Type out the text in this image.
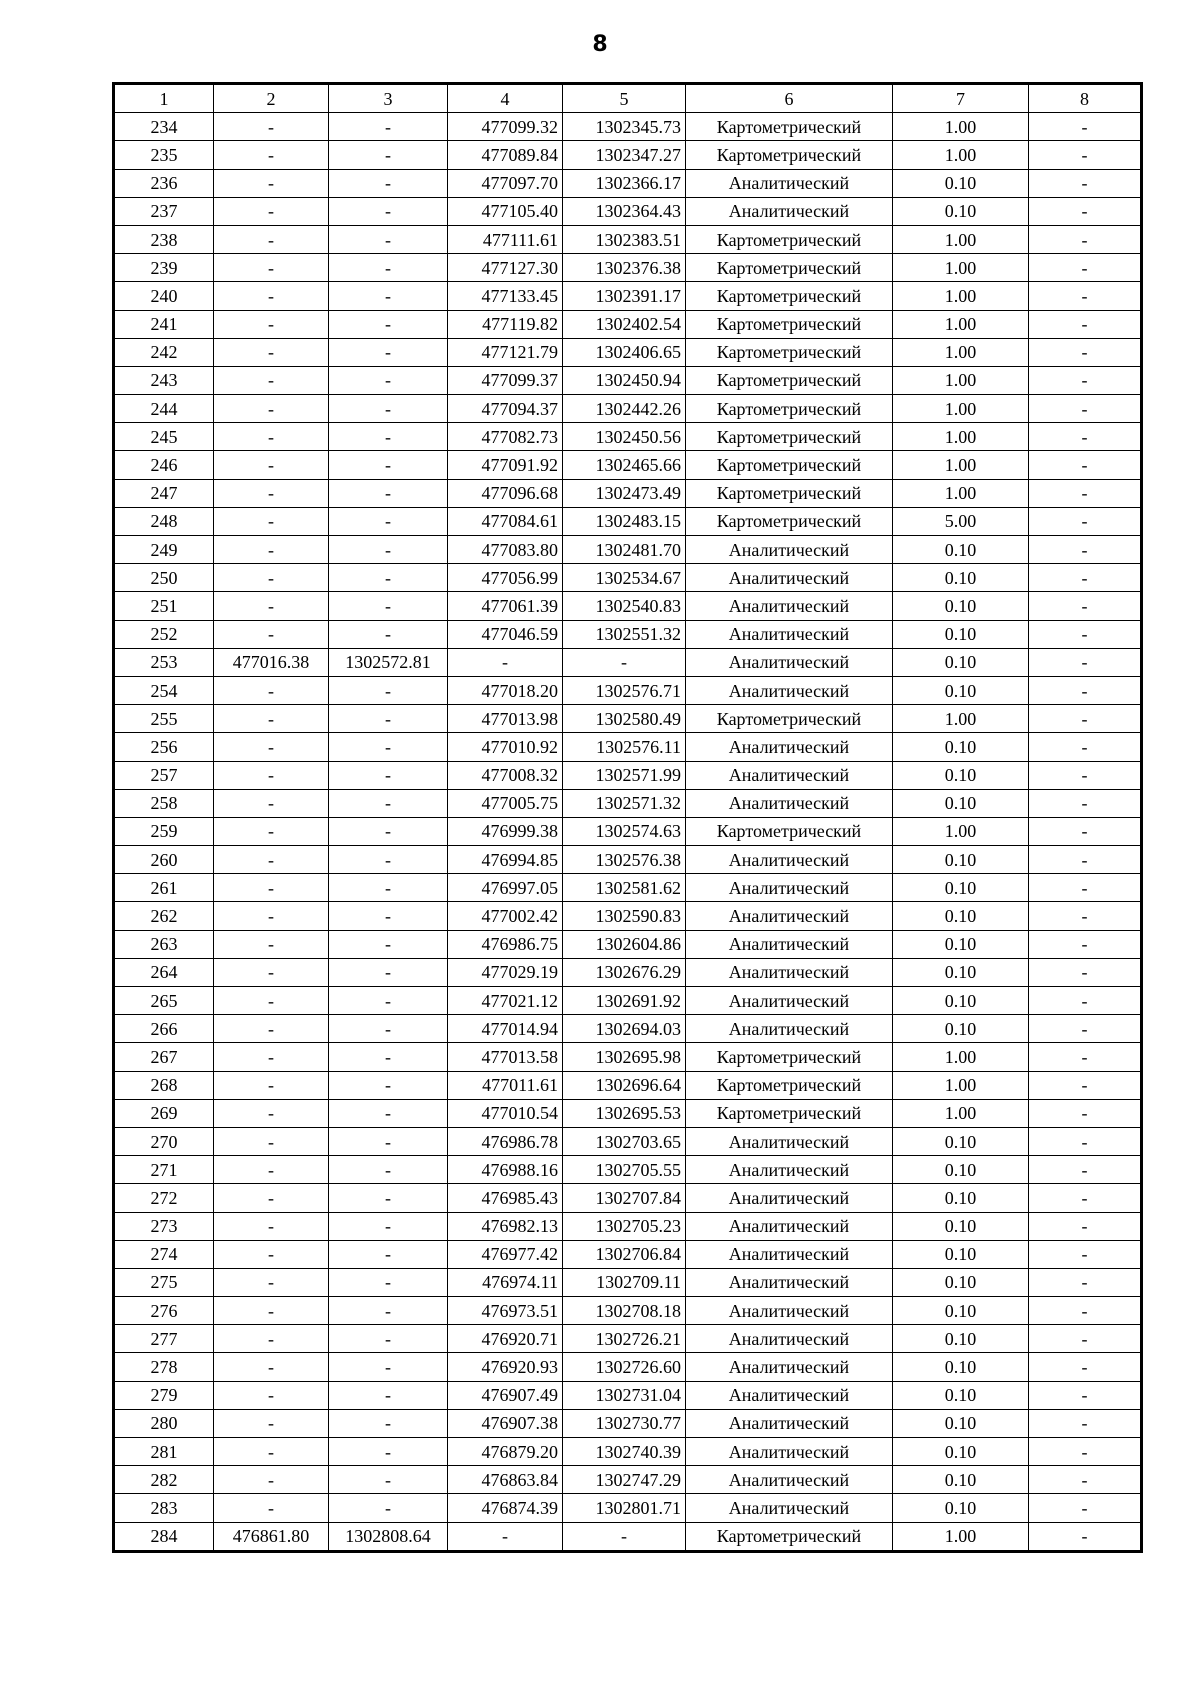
8
1	2	3	4	5	6	7	8
234	-	-	477099.32	1302345.73	Картометрический	1.00	-
235	-	-	477089.84	1302347.27	Картометрический	1.00	-
236	-	-	477097.70	1302366.17	Аналитический	0.10	-
237	-	-	477105.40	1302364.43	Аналитический	0.10	-
238	-	-	477111.61	1302383.51	Картометрический	1.00	-
239	-	-	477127.30	1302376.38	Картометрический	1.00	-
240	-	-	477133.45	1302391.17	Картометрический	1.00	-
241	-	-	477119.82	1302402.54	Картометрический	1.00	-
242	-	-	477121.79	1302406.65	Картометрический	1.00	-
243	-	-	477099.37	1302450.94	Картометрический	1.00	-
244	-	-	477094.37	1302442.26	Картометрический	1.00	-
245	-	-	477082.73	1302450.56	Картометрический	1.00	-
246	-	-	477091.92	1302465.66	Картометрический	1.00	-
247	-	-	477096.68	1302473.49	Картометрический	1.00	-
248	-	-	477084.61	1302483.15	Картометрический	5.00	-
249	-	-	477083.80	1302481.70	Аналитический	0.10	-
250	-	-	477056.99	1302534.67	Аналитический	0.10	-
251	-	-	477061.39	1302540.83	Аналитический	0.10	-
252	-	-	477046.59	1302551.32	Аналитический	0.10	-
253	477016.38	1302572.81	-	-	Аналитический	0.10	-
254	-	-	477018.20	1302576.71	Аналитический	0.10	-
255	-	-	477013.98	1302580.49	Картометрический	1.00	-
256	-	-	477010.92	1302576.11	Аналитический	0.10	-
257	-	-	477008.32	1302571.99	Аналитический	0.10	-
258	-	-	477005.75	1302571.32	Аналитический	0.10	-
259	-	-	476999.38	1302574.63	Картометрический	1.00	-
260	-	-	476994.85	1302576.38	Аналитический	0.10	-
261	-	-	476997.05	1302581.62	Аналитический	0.10	-
262	-	-	477002.42	1302590.83	Аналитический	0.10	-
263	-	-	476986.75	1302604.86	Аналитический	0.10	-
264	-	-	477029.19	1302676.29	Аналитический	0.10	-
265	-	-	477021.12	1302691.92	Аналитический	0.10	-
266	-	-	477014.94	1302694.03	Аналитический	0.10	-
267	-	-	477013.58	1302695.98	Картометрический	1.00	-
268	-	-	477011.61	1302696.64	Картометрический	1.00	-
269	-	-	477010.54	1302695.53	Картометрический	1.00	-
270	-	-	476986.78	1302703.65	Аналитический	0.10	-
271	-	-	476988.16	1302705.55	Аналитический	0.10	-
272	-	-	476985.43	1302707.84	Аналитический	0.10	-
273	-	-	476982.13	1302705.23	Аналитический	0.10	-
274	-	-	476977.42	1302706.84	Аналитический	0.10	-
275	-	-	476974.11	1302709.11	Аналитический	0.10	-
276	-	-	476973.51	1302708.18	Аналитический	0.10	-
277	-	-	476920.71	1302726.21	Аналитический	0.10	-
278	-	-	476920.93	1302726.60	Аналитический	0.10	-
279	-	-	476907.49	1302731.04	Аналитический	0.10	-
280	-	-	476907.38	1302730.77	Аналитический	0.10	-
281	-	-	476879.20	1302740.39	Аналитический	0.10	-
282	-	-	476863.84	1302747.29	Аналитический	0.10	-
283	-	-	476874.39	1302801.71	Аналитический	0.10	-
284	476861.80	1302808.64	-	-	Картометрический	1.00	-
